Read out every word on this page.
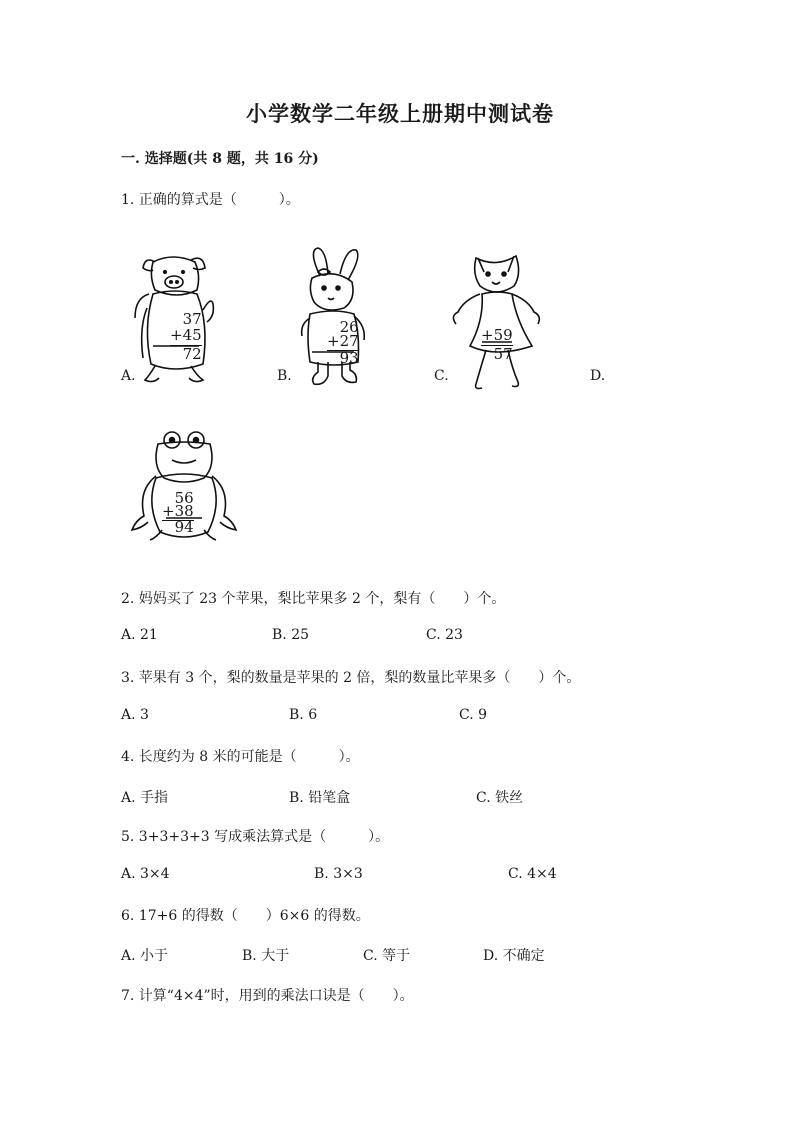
小学数学二年级上册期中测试卷
一. 选择题(共 8 题，共 16 分)
1. 正确的算式是（　　　）。
A.
37
+45
72
B.
26
+27
93
C.
+59
57
D.
56
+38
94
2. 妈妈买了 23 个苹果，梨比苹果多 2 个，梨有（　　）个。
A. 21	B. 25	C. 23
3. 苹果有 3 个，梨的数量是苹果的 2 倍，梨的数量比苹果多（　　）个。
A. 3	B. 6	C. 9
4. 长度约为 8 米的可能是（　　　）。
A. 手指	B. 铅笔盒	C. 铁丝
5. 3+3+3+3 写成乘法算式是（　　　）。
A. 3×4	B. 3×3	C. 4×4
6. 17+6 的得数（　　）6×6 的得数。
A. 小于	B. 大于	C. 等于	D. 不确定
7. 计算“4×4”时，用到的乘法口诀是（　　）。
